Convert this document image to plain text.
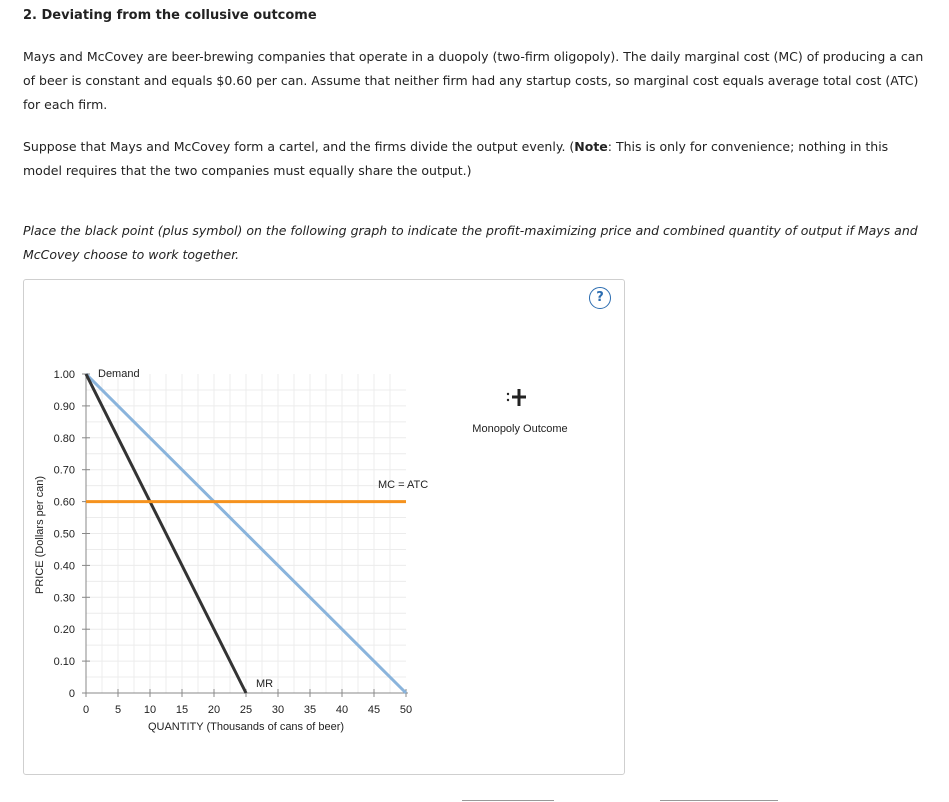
2. Deviating from the collusive outcome

Mays and McCovey are beer-brewing companies that operate in a duopoly (two-firm oligopoly). The daily marginal cost (MC) of producing a can of beer is constant and equals $0.60 per can. Assume that neither firm had any startup costs, so marginal cost equals average total cost (ATC) for each firm.

Suppose that Mays and McCovey form a cartel, and the firms divide the output evenly. (Note: This is only for convenience; nothing in this model requires that the two companies must equally share the output.)

Place the black point (plus symbol) on the following graph to indicate the profit-maximizing price and combined quantity of output if Mays and McCovey choose to work together.

?
0 5 10 15 20 25 30 35 40 45 50
0
0.10
0.20
0.30
0.40
0.50
0.60
0.70
0.80
0.90
1.00 Demand
MR
MC = ATC
QUANTITY (Thousands of cans of beer)
PRICE (Dollars per can)
Monopoly Outcome
